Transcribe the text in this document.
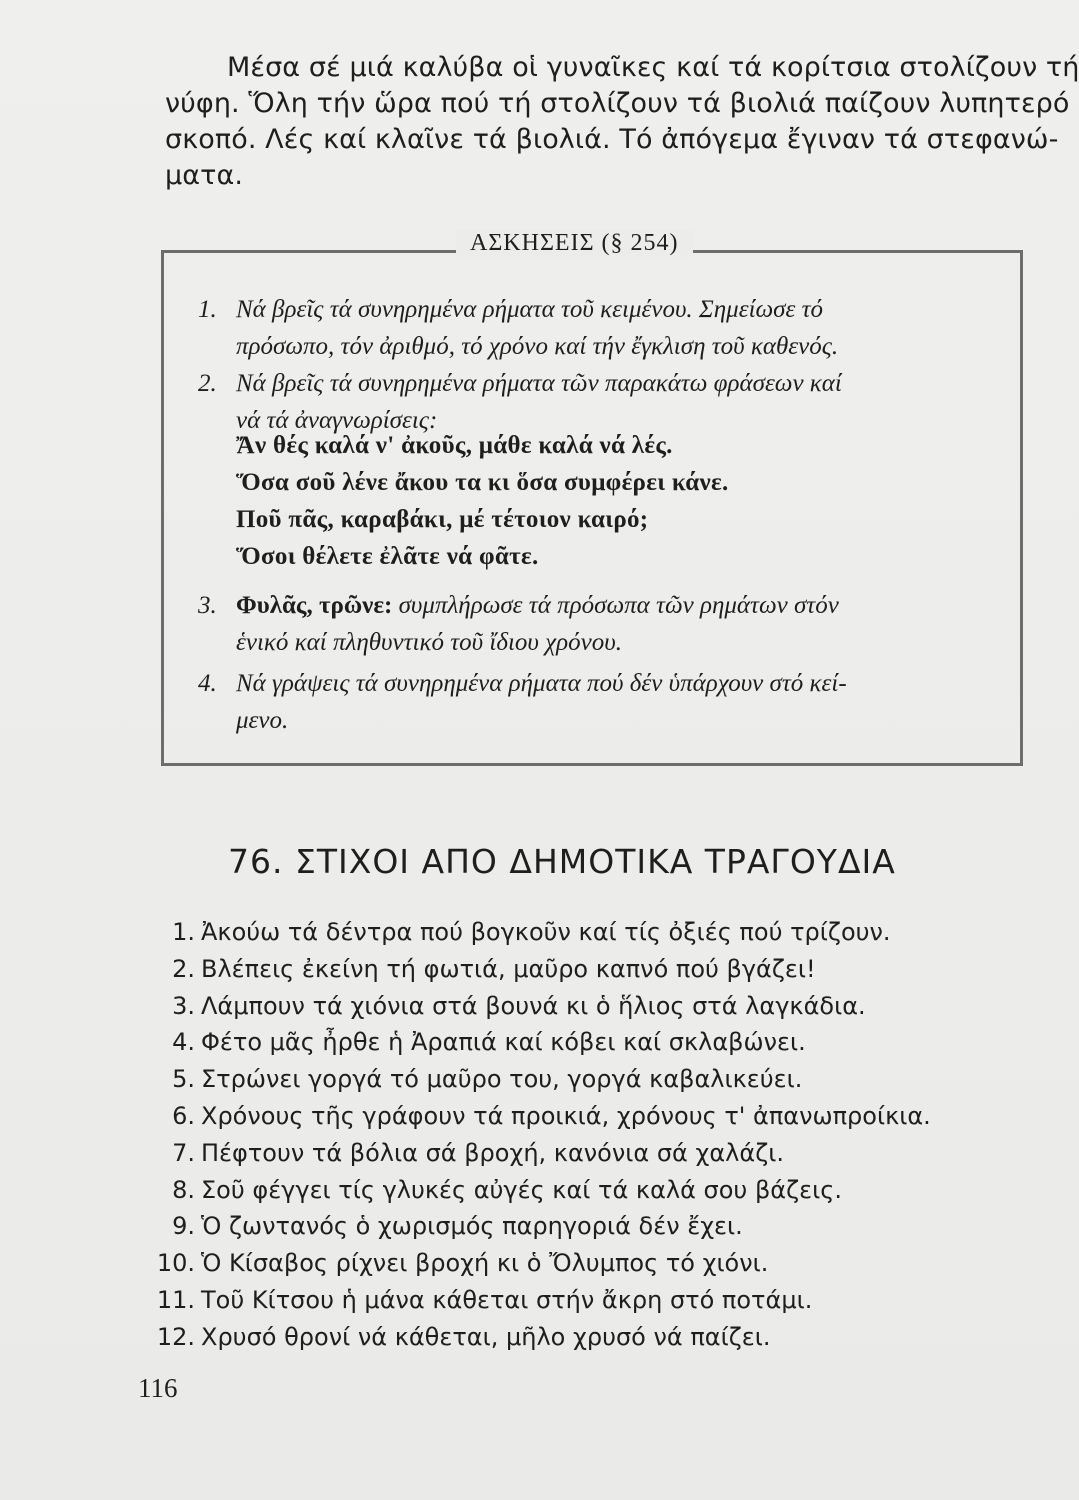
Μέσα σέ μιά καλύβα οἱ γυναῖκες καί τά κορίτσια στολίζουν τή
νύφη. Ὅλη τήν ὥρα πού τή στολίζουν τά βιολιά παίζουν λυπητερό
σκοπό. Λές καί κλαῖνε τά βιολιά. Τό ἀπόγεμα ἔγιναν τά στεφανώ-
ματα.
ΑΣΚΗΣΕΙΣ (§ 254)
1. Νά βρεῖς τά συνηρημένα ρήματα τοῦ κειμένου. Σημείωσε τό
πρόσωπο, τόν ἀριθμό, τό χρόνο καί τήν ἔγκλιση τοῦ καθενός.
2. Νά βρεῖς τά συνηρημένα ρήματα τῶν παρακάτω φράσεων καί
νά τά ἀναγνωρίσεις:
Ἄν θές καλά ν' ἀκοῦς, μάθε καλά νά λές.
Ὅσα σοῦ λένε ἄκου τα κι ὅσα συμφέρει κάνε.
Ποῦ πᾶς, καραβάκι, μέ τέτοιον καιρό;
Ὅσοι θέλετε ἐλᾶτε νά φᾶτε.
3. Φυλᾶς, τρῶνε: συμπλήρωσε τά πρόσωπα τῶν ρημάτων στόν
ἑνικό καί πληθυντικό τοῦ ἴδιου χρόνου.
4. Νά γράψεις τά συνηρημένα ρήματα πού δέν ὑπάρχουν στό κεί-
μενο.
76. ΣΤΙΧΟΙ ΑΠΟ ΔΗΜΟΤΙΚΑ ΤΡΑΓΟΥΔΙΑ
1. Ἀκούω τά δέντρα πού βογκοῦν καί τίς ὀξιές πού τρίζουν.
2. Βλέπεις ἐκείνη τή φωτιά, μαῦρο καπνό πού βγάζει!
3. Λάμπουν τά χιόνια στά βουνά κι ὁ ἥλιος στά λαγκάδια.
4. Φέτο μᾶς ἦρθε ἡ Ἀραπιά καί κόβει καί σκλαβώνει.
5. Στρώνει γοργά τό μαῦρο του, γοργά καβαλικεύει.
6. Χρόνους τῆς γράφουν τά προικιά, χρόνους τ' ἀπανωπροίκια.
7. Πέφτουν τά βόλια σά βροχή, κανόνια σά χαλάζι.
8. Σοῦ φέγγει τίς γλυκές αὐγές καί τά καλά σου βάζεις.
9. Ὁ ζωντανός ὁ χωρισμός παρηγοριά δέν ἔχει.
10. Ὁ Κίσαβος ρίχνει βροχή κι ὁ Ὄλυμπος τό χιόνι.
11. Τοῦ Κίτσου ἡ μάνα κάθεται στήν ἄκρη στό ποτάμι.
12. Χρυσό θρονί νά κάθεται, μῆλο χρυσό νά παίζει.
116
